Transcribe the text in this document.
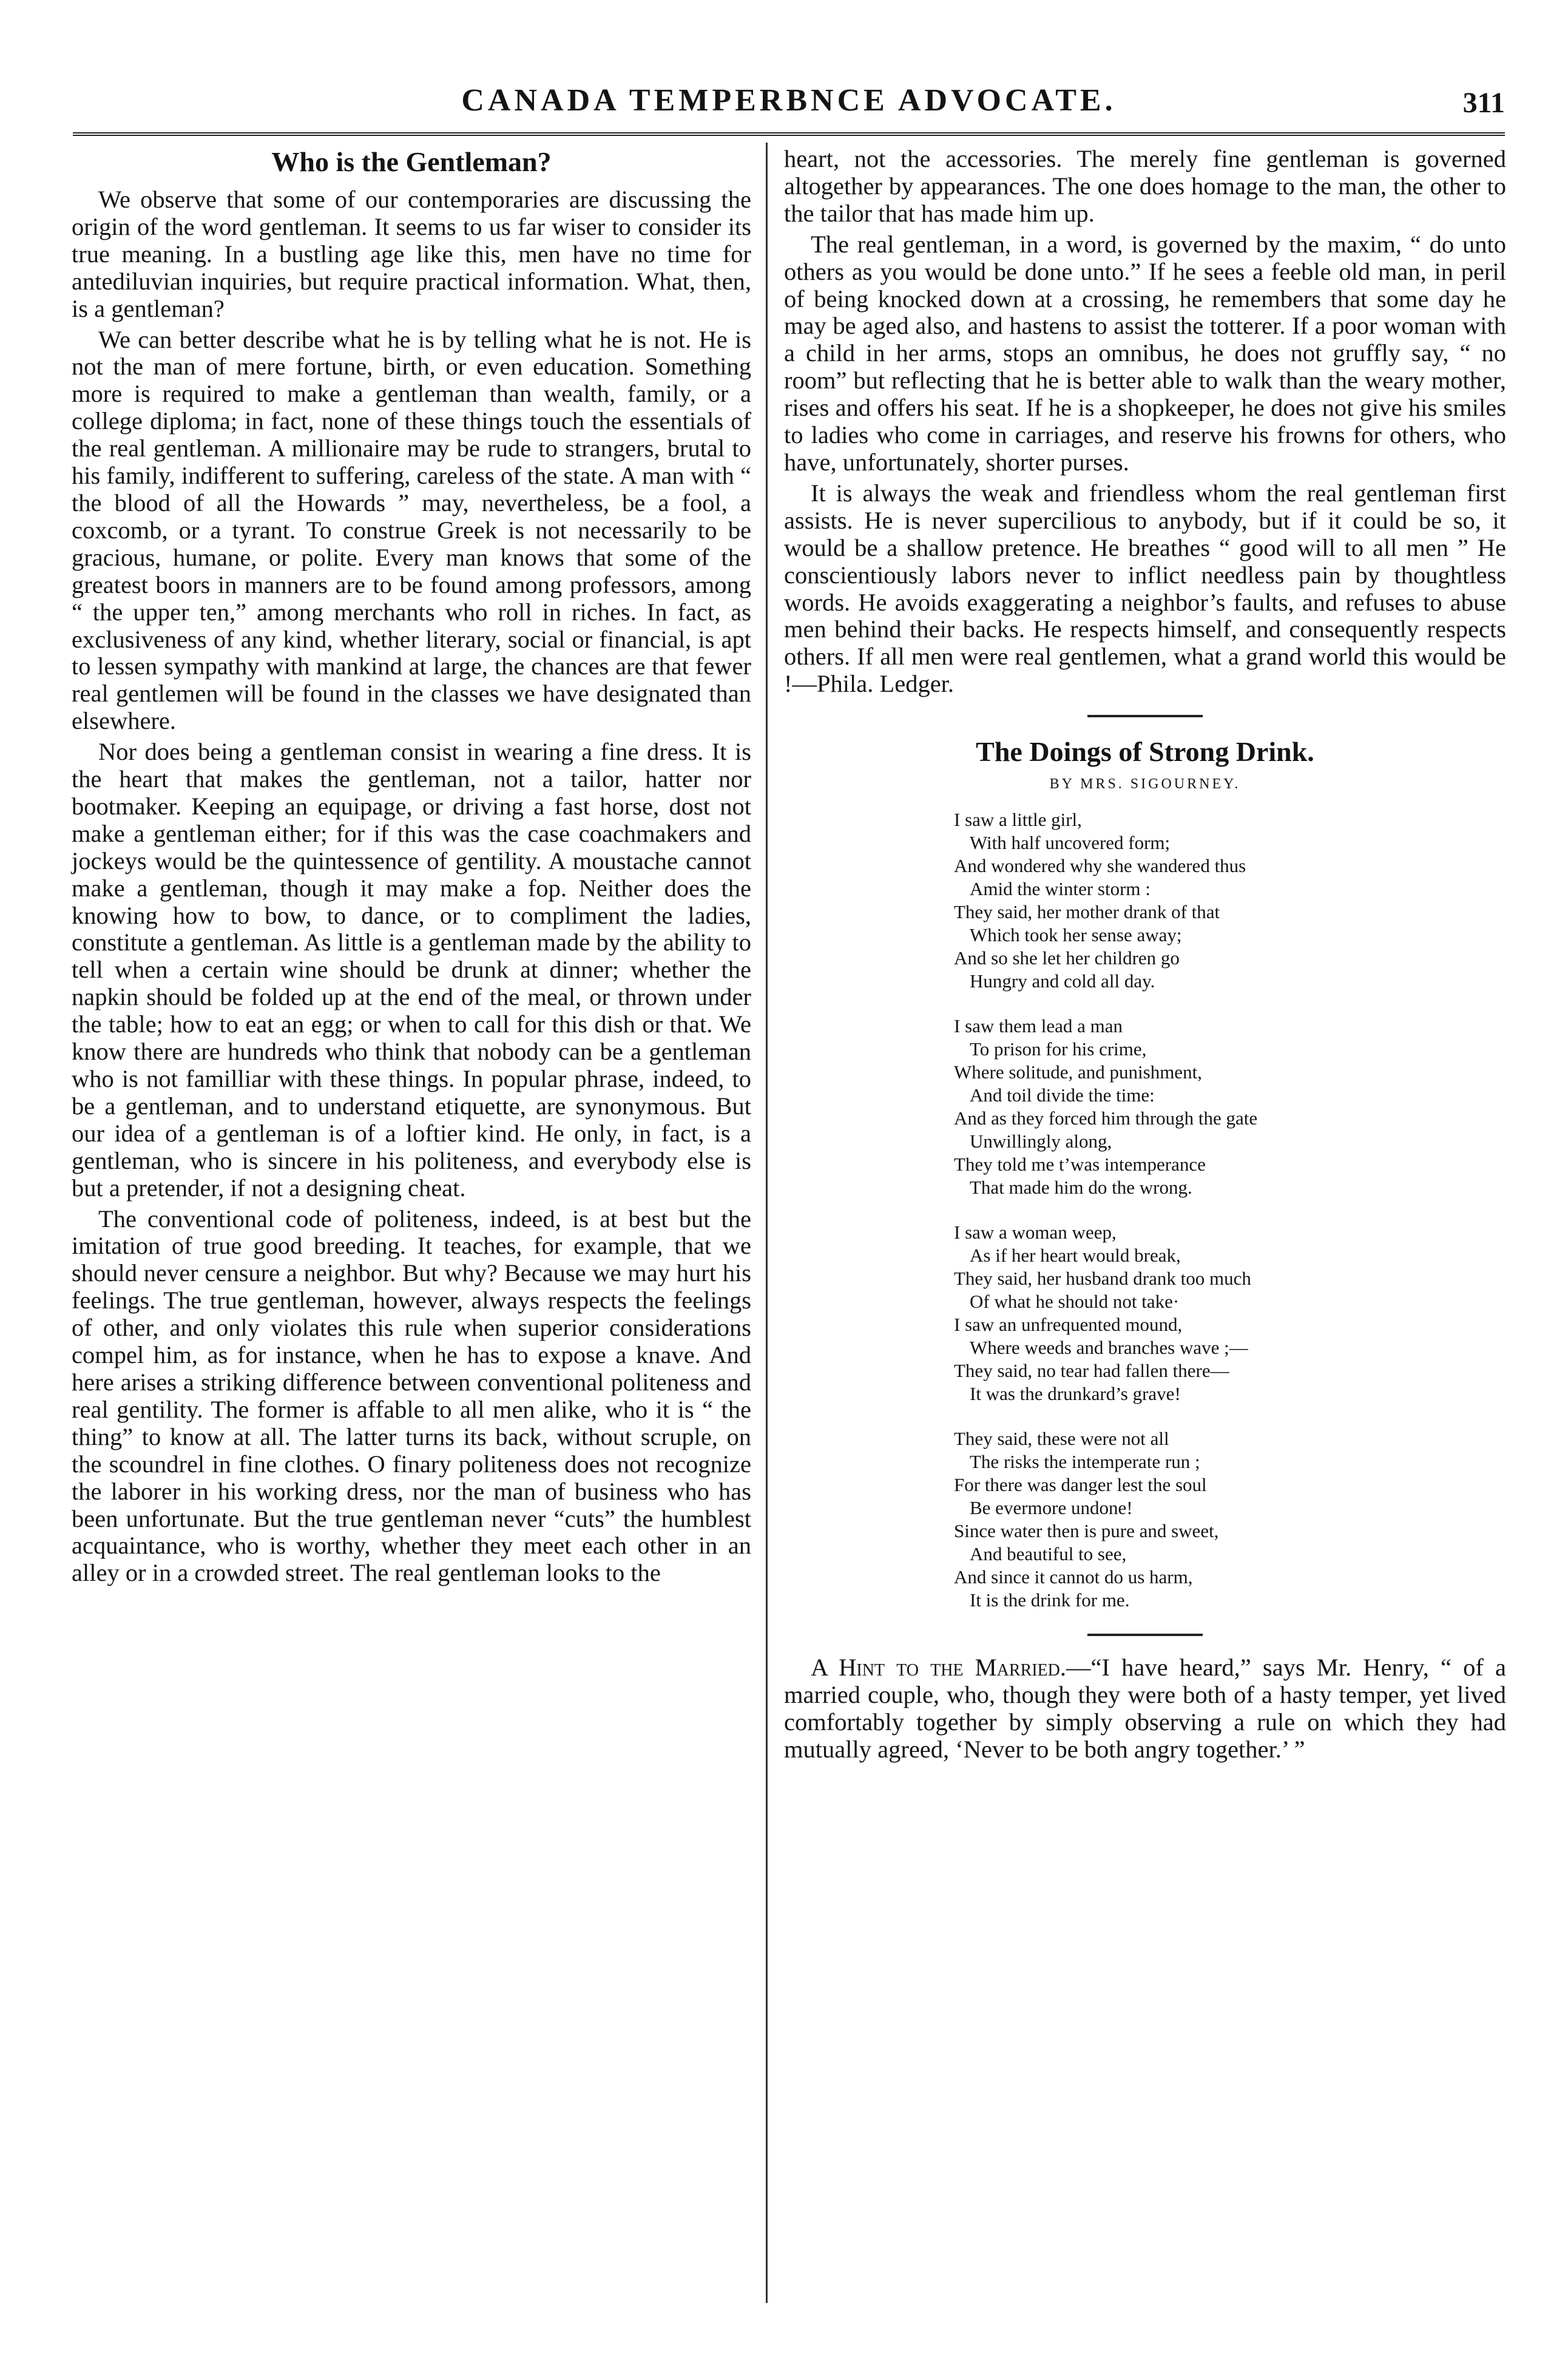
CANADA TEMPERBNCE ADVOCATE.	311
Who is the Gentleman?

We observe that some of our contemporaries are discussing the origin of the word gentleman. It seems to us far wiser to consider its true meaning. In a bustling age like this, men have no time for antediluvian inquiries, but require practical information. What, then, is a gentleman?

We can better describe what he is by telling what he is not. He is not the man of mere fortune, birth, or even education. Something more is required to make a gentleman than wealth, family, or a college diploma; in fact, none of these things touch the essentials of the real gentleman. A millionaire may be rude to strangers, brutal to his family, indifferent to suffering, careless of the state. A man with “ the blood of all the Howards ” may, nevertheless, be a fool, a coxcomb, or a tyrant. To construe Greek is not necessarily to be gracious, humane, or polite. Every man knows that some of the greatest boors in manners are to be found among professors, among “ the upper ten,” among merchants who roll in riches. In fact, as exclusiveness of any kind, whether literary, social or financial, is apt to lessen sympathy with mankind at large, the chances are that fewer real gentlemen will be found in the classes we have designated than elsewhere.

Nor does being a gentleman consist in wearing a fine dress. It is the heart that makes the gentleman, not a tailor, hatter nor bootmaker. Keeping an equipage, or driving a fast horse, dost not make a gentleman either; for if this was the case coachmakers and jockeys would be the quintessence of gentility. A moustache cannot make a gentleman, though it may make a fop. Neither does the knowing how to bow, to dance, or to compliment the ladies, constitute a gentleman. As little is a gentleman made by the ability to tell when a certain wine should be drunk at dinner; whether the napkin should be folded up at the end of the meal, or thrown under the table; how to eat an egg; or when to call for this dish or that. We know there are hundreds who think that nobody can be a gentleman who is not familliar with these things. In popular phrase, indeed, to be a gentleman, and to understand etiquette, are synonymous. But our idea of a gentleman is of a loftier kind. He only, in fact, is a gentleman, who is sincere in his politeness, and everybody else is but a pretender, if not a designing cheat.

The conventional code of politeness, indeed, is at best but the imitation of true good breeding. It teaches, for example, that we should never censure a neighbor. But why? Because we may hurt his feelings. The true gentleman, however, always respects the feelings of other, and only violates this rule when superior considerations compel him, as for instance, when he has to expose a knave. And here arises a striking difference between conventional politeness and real gentility. The former is affable to all men alike, who it is “ the thing” to know at all. The latter turns its back, without scruple, on the scoundrel in fine clothes. O finary politeness does not recognize the laborer in his working dress, nor the man of business who has been unfortunate. But the true gentleman never “cuts” the humblest acquaintance, who is worthy, whether they meet each other in an alley or in a crowded street. The real gentleman looks to the

heart, not the accessories. The merely fine gentleman is governed altogether by appearances. The one does homage to the man, the other to the tailor that has made him up.

The real gentleman, in a word, is governed by the maxim, “ do unto others as you would be done unto.” If he sees a feeble old man, in peril of being knocked down at a crossing, he remembers that some day he may be aged also, and hastens to assist the totterer. If a poor woman with a child in her arms, stops an omnibus, he does not gruffly say, “ no room” but reflecting that he is better able to walk than the weary mother, rises and offers his seat. If he is a shopkeeper, he does not give his smiles to ladies who come in carriages, and reserve his frowns for others, who have, unfortunately, shorter purses.

It is always the weak and friendless whom the real gentleman first assists. He is never supercilious to anybody, but if it could be so, it would be a shallow pretence. He breathes “ good will to all men ” He conscientiously labors never to inflict needless pain by thoughtless words. He avoids exaggerating a neighbor’s faults, and refuses to abuse men behind their backs. He respects himself, and consequently respects others. If all men were real gentlemen, what a grand world this would be !—Phila. Ledger.

The Doings of Strong Drink.
BY MRS. SIGOURNEY.
I saw a little girl,
With half uncovered form;
And wondered why she wandered thus
Amid the winter storm :
They said, her mother drank of that
Which took her sense away;
And so she let her children go
Hungry and cold all day.
I saw them lead a man
To prison for his crime,
Where solitude, and punishment,
And toil divide the time:
And as they forced him through the gate
Unwillingly along,
They told me t’was intemperance
That made him do the wrong.
I saw a woman weep,
As if her heart would break,
They said, her husband drank too much
Of what he should not take·
I saw an unfrequented mound,
Where weeds and branches wave ;—
They said, no tear had fallen there—
It was the drunkard’s grave!
They said, these were not all
The risks the intemperate run ;
For there was danger lest the soul
Be evermore undone!
Since water then is pure and sweet,
And beautiful to see,
And since it cannot do us harm,
It is the drink for me.

A Hint to the Married.—“I have heard,” says Mr. Henry, “ of a married couple, who, though they were both of a hasty temper, yet lived comfortably together by simply observing a rule on which they had mutually agreed, ‘Never to be both angry together.’ ”
